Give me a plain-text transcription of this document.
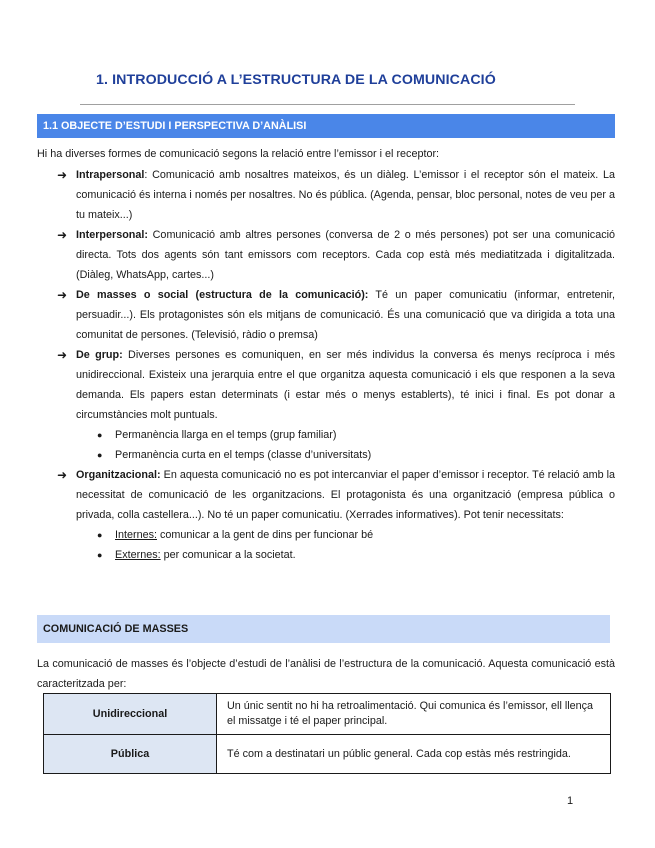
1. INTRODUCCIÓ A L’ESTRUCTURA DE LA COMUNICACIÓ
1.1 OBJECTE D’ESTUDI I PERSPECTIVA D’ANÀLISI
Hi ha diverses formes de comunicació segons la relació entre l’emissor i el receptor:
➜ Intrapersonal: Comunicació amb nosaltres mateixos, és un diàleg. L’emissor i el receptor són el mateix. La comunicació és interna i només per nosaltres. No és pública. (Agenda, pensar, bloc personal, notes de veu per a tu mateix...)
➜ Interpersonal: Comunicació amb altres persones (conversa de 2 o més persones) pot ser una comunicació directa. Tots dos agents són tant emissors com receptors. Cada cop està més mediatitzada i digitalitzada. (Diàleg, WhatsApp, cartes...)
➜ De masses o social (estructura de la comunicació): Té un paper comunicatiu (informar, entretenir, persuadir...). Els protagonistes són els mitjans de comunicació. És una comunicació que va dirigida a tota una comunitat de persones. (Televisió, ràdio o premsa)
➜ De grup: Diverses persones es comuniquen, en ser més individus la conversa és menys recíproca i més unidireccional. Existeix una jerarquia entre el que organitza aquesta comunicació i els que responen a la seva demanda. Els papers estan determinats (i estar més o menys establerts), té inici i final. Es pot donar a circumstàncies molt puntuals.
● Permanència llarga en el temps (grup familiar)
● Permanència curta en el temps (classe d’universitats)
➜ Organitzacional: En aquesta comunicació no es pot intercanviar el paper d’emissor i receptor. Té relació amb la necessitat de comunicació de les organitzacions. El protagonista és una organització (empresa pública o privada, colla castellera...). No té un paper comunicatiu. (Xerrades informatives). Pot tenir necessitats:
● Internes: comunicar a la gent de dins per funcionar bé
● Externes: per comunicar a la societat.
COMUNICACIÓ DE MASSES
La comunicació de masses és l’objecte d’estudi de l’anàlisi de l’estructura de la comunicació. Aquesta comunicació està caracteritzada per:
Unidireccional	Un únic sentit no hi ha retroalimentació. Qui comunica és l’emissor, ell llença el missatge i té el paper principal.
Pública	Té com a destinatari un públic general. Cada cop estàs més restringida.
1
